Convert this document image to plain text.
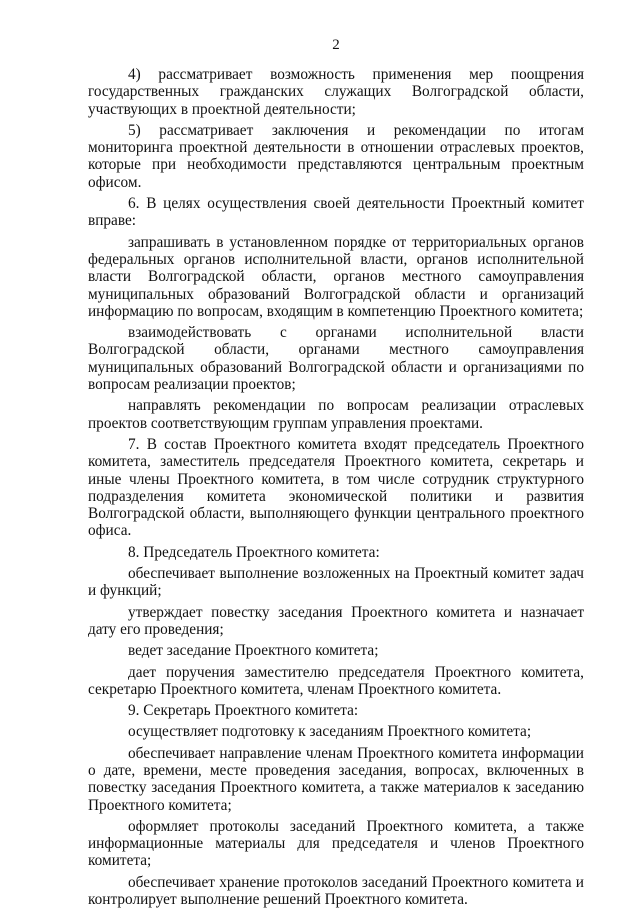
2

4) рассматривает возможность применения мер поощрения государственных гражданских служащих Волгоградской области, участвующих в проектной деятельности;

5) рассматривает заключения и рекомендации по итогам мониторинга проектной деятельности в отношении отраслевых проектов, которые при необходимости представляются центральным проектным офисом.

6. В целях осуществления своей деятельности Проектный комитет вправе:

запрашивать в установленном порядке от территориальных органов федеральных органов исполнительной власти, органов исполнительной власти Волгоградской области, органов местного самоуправления муниципальных образований Волгоградской области и организаций информацию по вопросам, входящим в компетенцию Проектного комитета;

взаимодействовать с органами исполнительной власти Волгоградской области, органами местного самоуправления муниципальных образований Волгоградской области и организациями по вопросам реализации проектов;

направлять рекомендации по вопросам реализации отраслевых проектов соответствующим группам управления проектами.

7. В состав Проектного комитета входят председатель Проектного комитета, заместитель председателя Проектного комитета, секретарь и иные члены Проектного комитета, в том числе сотрудник структурного подразделения комитета экономической политики и развития Волгоградской области, выполняющего функции центрального проектного офиса.

8. Председатель Проектного комитета:

обеспечивает выполнение возложенных на Проектный комитет задач и функций;

утверждает повестку заседания Проектного комитета и назначает дату его проведения;

ведет заседание Проектного комитета;

дает поручения заместителю председателя Проектного комитета, секретарю Проектного комитета, членам Проектного комитета.

9. Секретарь Проектного комитета:

осуществляет подготовку к заседаниям Проектного комитета;

обеспечивает направление членам Проектного комитета информации о дате, времени, месте проведения заседания, вопросах, включенных в повестку заседания Проектного комитета, а также материалов к заседанию Проектного комитета;

оформляет протоколы заседаний Проектного комитета, а также информационные материалы для председателя и членов Проектного комитета;

обеспечивает хранение протоколов заседаний Проектного комитета и контролирует выполнение решений Проектного комитета.
